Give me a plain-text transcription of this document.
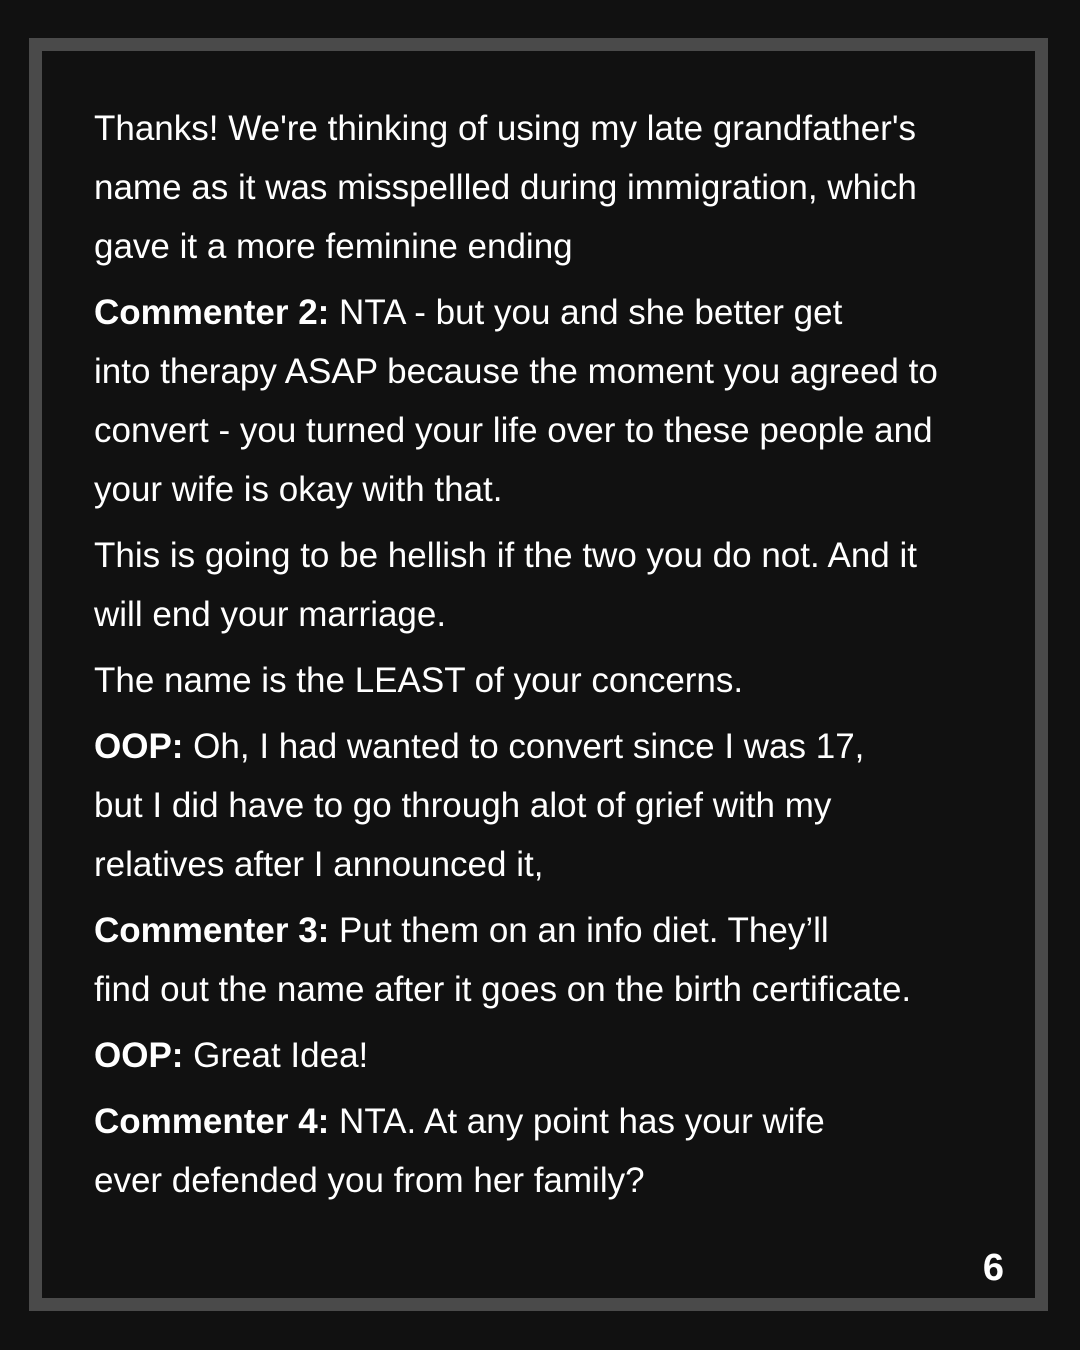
Thanks! We're thinking of using my late grandfather's
name as it was misspellled during immigration, which
gave it a more feminine ending

Commenter 2: NTA - but you and she better get
into therapy ASAP because the moment you agreed to
convert - you turned your life over to these people and
your wife is okay with that.

This is going to be hellish if the two you do not. And it
will end your marriage.

The name is the LEAST of your concerns.

OOP: Oh, I had wanted to convert since I was 17,
but I did have to go through alot of grief with my
relatives after I announced it,

Commenter 3: Put them on an info diet. They’ll
find out the name after it goes on the birth certificate.

OOP: Great Idea!

Commenter 4: NTA. At any point has your wife
ever defended you from her family?

6
